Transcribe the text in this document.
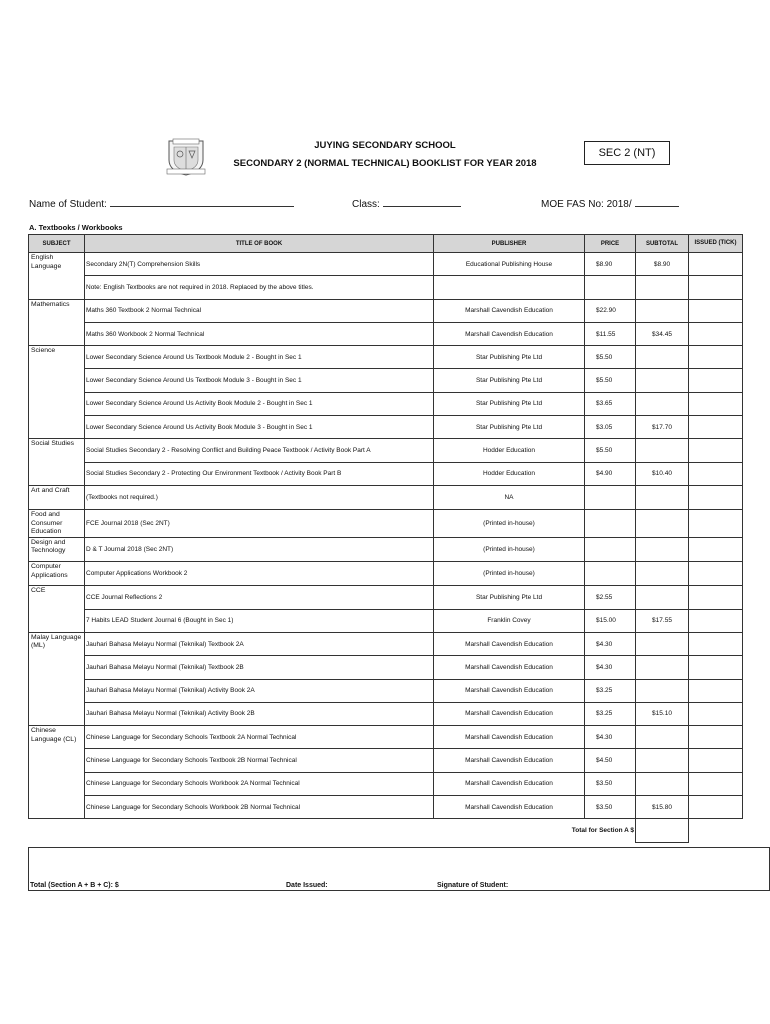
JUYING SECONDARY SCHOOL
SECONDARY 2 (NORMAL TECHNICAL) BOOKLIST FOR YEAR 2018
SEC 2 (NT)
Name of Student:	Class:	MOE FAS No: 2018/
A. Textbooks / Workbooks
SUBJECT	TITLE OF BOOK	PUBLISHER	PRICE	SUBTOTAL	ISSUED (TICK)
English Language	Secondary 2N(T) Comprehension Skills	Educational Publishing House	$8.90	$8.90	
	Note: English Textbooks are not required in 2018. Replaced by the above titles.				
Mathematics	Maths 360 Textbook 2 Normal Technical	Marshall Cavendish Education	$22.90		
	Maths 360 Workbook 2 Normal Technical	Marshall Cavendish Education	$11.55	$34.45	
Science	Lower Secondary Science Around Us Textbook Module 2 - Bought in Sec 1	Star Publishing Pte Ltd	$5.50		
	Lower Secondary Science Around Us Textbook Module 3 - Bought in Sec 1	Star Publishing Pte Ltd	$5.50		
	Lower Secondary Science Around Us Activity Book Module 2 - Bought in Sec 1	Star Publishing Pte Ltd	$3.65		
	Lower Secondary Science Around Us Activity Book Module 3 - Bought in Sec 1	Star Publishing Pte Ltd	$3.05	$17.70	
Social Studies	Social Studies Secondary 2 - Resolving Conflict and Building Peace Textbook / Activity Book Part A	Hodder Education	$5.50		
	Social Studies Secondary 2 - Protecting Our Environment Textbook / Activity Book Part B	Hodder Education	$4.90	$10.40	
Art and Craft	(Textbooks not required.)	NA			
Food and Consumer Education	FCE Journal 2018 (Sec 2NT)	(Printed in-house)			
Design and Technology	D & T Journal 2018 (Sec 2NT)	(Printed in-house)			
Computer Applications	Computer Applications Workbook 2	(Printed in-house)			
CCE	CCE Journal Reflections 2	Star Publishing Pte Ltd	$2.55		
	7 Habits LEAD Student Journal 6 (Bought in Sec 1)	Franklin Covey	$15.00	$17.55	
Malay Language (ML)	Jauhari Bahasa Melayu Normal (Teknikal) Textbook 2A	Marshall Cavendish Education	$4.30		
	Jauhari Bahasa Melayu Normal (Teknikal) Textbook 2B	Marshall Cavendish Education	$4.30		
	Jauhari Bahasa Melayu Normal (Teknikal) Activity Book 2A	Marshall Cavendish Education	$3.25		
	Jauhari Bahasa Melayu Normal (Teknikal) Activity Book 2B	Marshall Cavendish Education	$3.25	$15.10	
Chinese Language (CL)	Chinese Language for Secondary Schools Textbook 2A Normal Technical	Marshall Cavendish Education	$4.30		
	Chinese Language for Secondary Schools Textbook 2B Normal Technical	Marshall Cavendish Education	$4.50		
	Chinese Language for Secondary Schools Workbook 2A Normal Technical	Marshall Cavendish Education	$3.50		
	Chinese Language for Secondary Schools Workbook 2B Normal Technical	Marshall Cavendish Education	$3.50	$15.80	
Total for Section A $					
Total (Section A + B + C): $	Date Issued:	Signature of Student:
